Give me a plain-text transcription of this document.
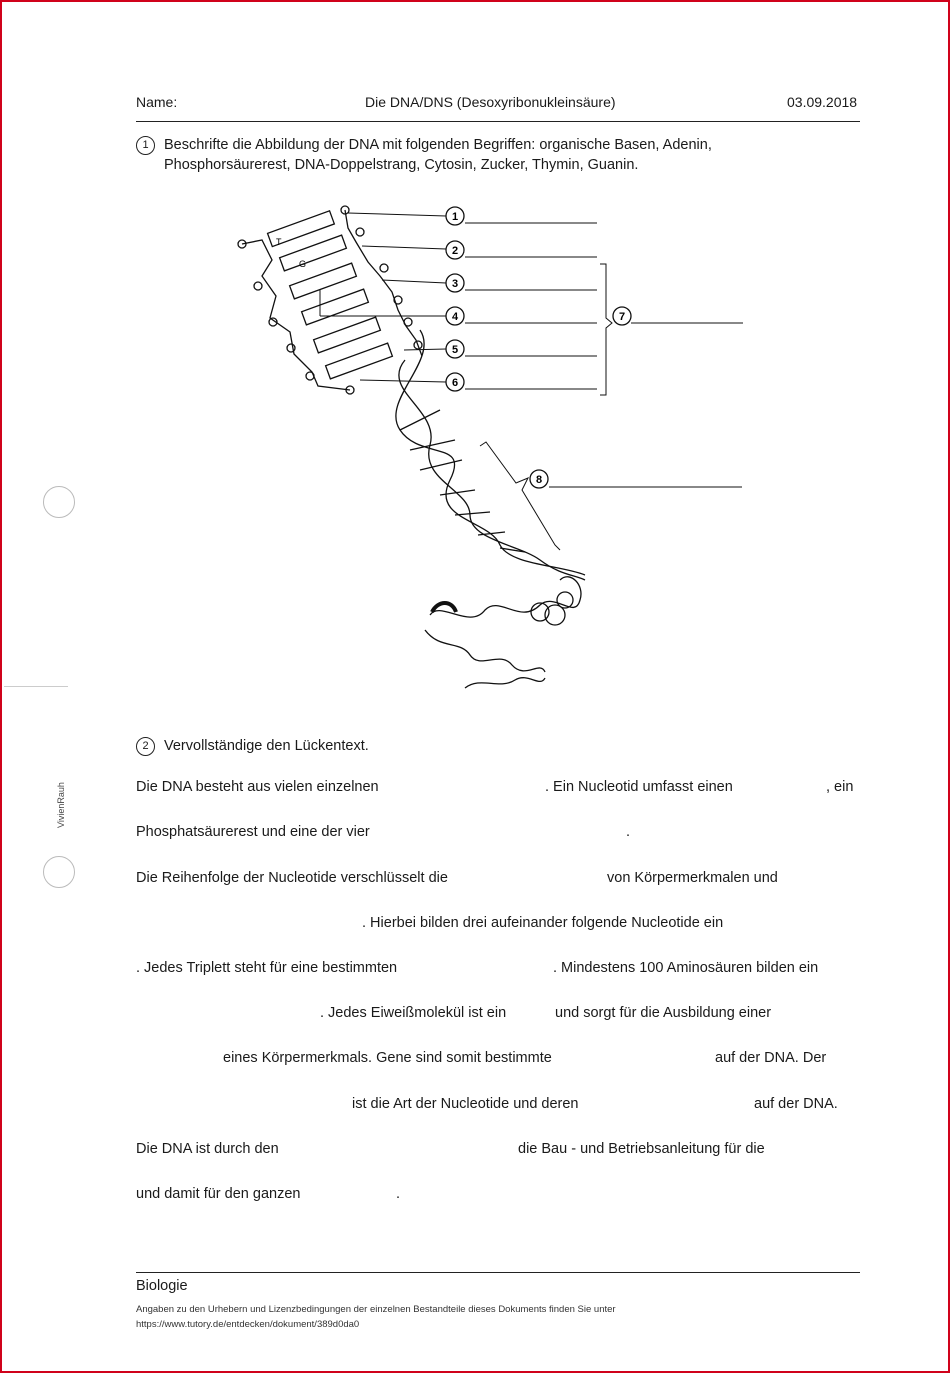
Name:	Die DNA/DNS (Desoxyribonukleinsäure)	03.09.2018
1	Beschrifte die Abbildung der DNA mit folgenden Begriffen: organische Basen, Adenin,
Phosphorsäurerest, DNA-Doppelstrang, Cytosin, Zucker, Thymin, Guanin.
T
G
1
2
3
4
5
6
7
8
VivienRauh
2	Vervollständige den Lückentext.
Die DNA besteht aus vielen einzelnen	. Ein Nucleotid umfasst einen	, ein
Phosphatsäurerest und eine der vier	.
Die Reihenfolge der Nucleotide verschlüsselt die	von Körpermerkmalen und
. Hierbei bilden drei aufeinander folgende Nucleotide ein
. Jedes Triplett steht für eine bestimmten	. Mindestens 100 Aminosäuren bilden ein
. Jedes Eiweißmolekül ist ein	und sorgt für die Ausbildung einer
eines Körpermerkmals. Gene sind somit bestimmte	auf der DNA. Der
ist die Art der Nucleotide und deren	auf der DNA.
Die DNA ist durch den	die Bau - und Betriebsanleitung für die
und damit für den ganzen	.
Biologie
Angaben zu den Urhebern und Lizenzbedingungen der einzelnen Bestandteile dieses Dokuments finden Sie unter
https://www.tutory.de/entdecken/dokument/389d0da0
